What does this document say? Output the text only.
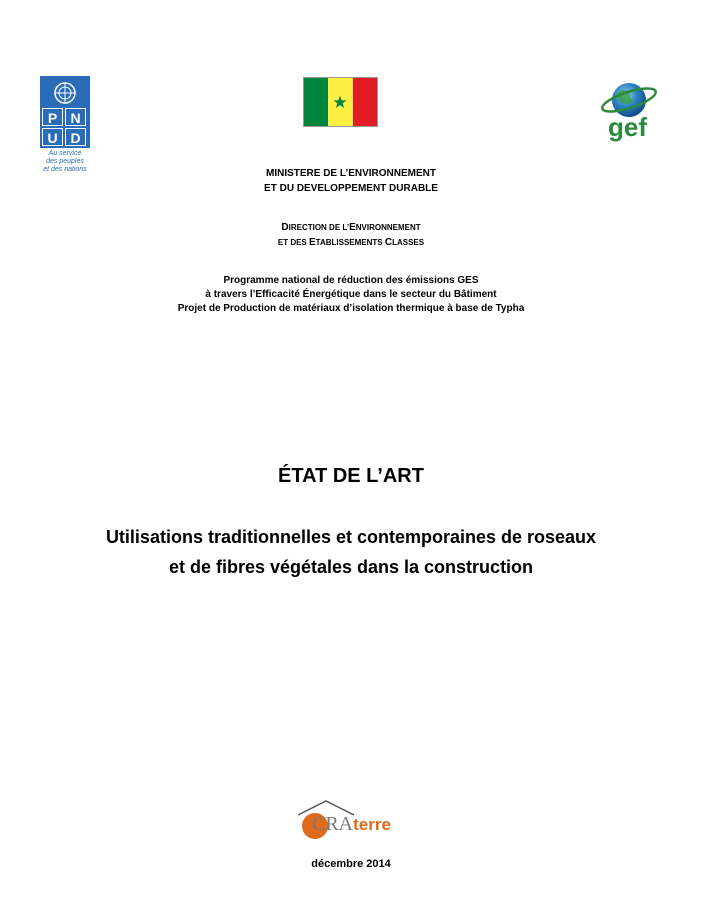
P N
U D
Au service
des peuples
et des nations
gef
MINISTERE DE L’ENVIRONNEMENT
ET DU DEVELOPPEMENT DURABLE
DIRECTION DE L’ENVIRONNEMENT
ET DES ETABLISSEMENTS CLASSES
Programme national de réduction des émissions GES
à travers l’Efficacité Énergétique dans le secteur du Bâtiment
Projet de Production de matériaux d’isolation thermique à base de Typha
ÉTAT DE L’ART
Utilisations traditionnelles et contemporaines de roseaux
et de fibres végétales dans la construction
CRAterre
décembre 2014
